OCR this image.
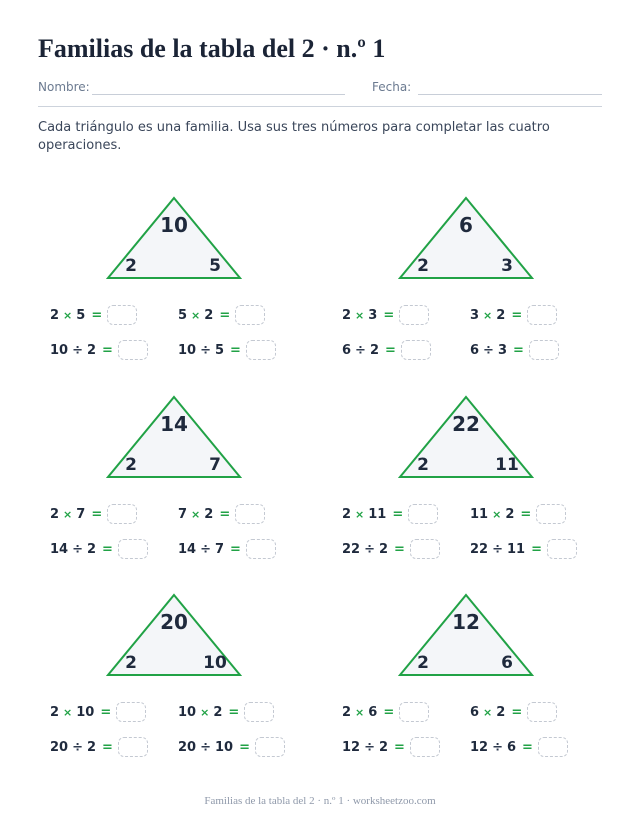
Familias de la tabla del 2 · n.º 1
Nombre:	Fecha:
Cada triángulo es una familia. Usa sus tres números para completar las cuatro operaciones.
10
2	5
2 × 5 =	5 × 2 =
10 ÷ 2 =	10 ÷ 5 =
6
2	3
2 × 3 =	3 × 2 =
6 ÷ 2 =	6 ÷ 3 =
14
2	7
2 × 7 =	7 × 2 =
14 ÷ 2 =	14 ÷ 7 =
22
2	11
2 × 11 =	11 × 2 =
22 ÷ 2 =	22 ÷ 11 =
20
2	10
2 × 10 =	10 × 2 =
20 ÷ 2 =	20 ÷ 10 =
12
2	6
2 × 6 =	6 × 2 =
12 ÷ 2 =	12 ÷ 6 =
Familias de la tabla del 2 · n.º 1 · worksheetzoo.com
